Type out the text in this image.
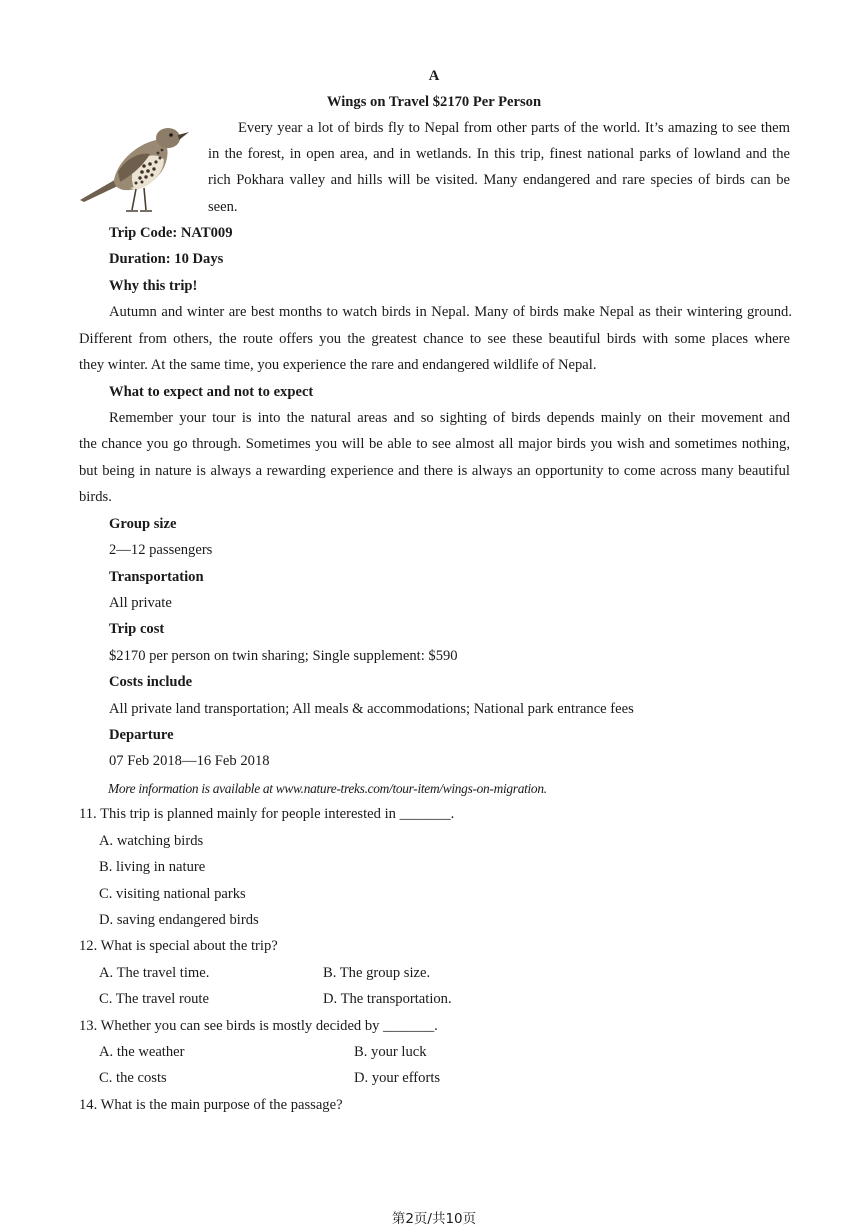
A
Wings on Travel $2170 Per Person
Every year a lot of birds fly to Nepal from other parts of the world. It’s amazing to see them
in the forest, in open area, and in wetlands. In this trip, finest national parks of lowland and the
rich Pokhara valley and hills will be visited. Many endangered and rare species of birds can be
seen.
Trip Code: NAT009
Duration: 10 Days
Why this trip!
Autumn and winter are best months to watch birds in Nepal. Many of birds make Nepal as their wintering ground.
Different from others, the route offers you the greatest chance to see these beautiful birds with some places where
they winter. At the same time, you experience the rare and endangered wildlife of Nepal.
What to expect and not to expect
Remember your tour is into the natural areas and so sighting of birds depends mainly on their movement and
the chance you go through. Sometimes you will be able to see almost all major birds you wish and sometimes nothing,
but being in nature is always a rewarding experience and there is always an opportunity to come across many beautiful
birds.
Group size
2—12 passengers
Transportation
All private
Trip cost
$2170 per person on twin sharing; Single supplement: $590
Costs include
All private land transportation; All meals & accommodations; National park entrance fees
Departure
07 Feb 2018—16 Feb 2018
More information is available at www.nature-treks.com/tour-item/wings-on-migration.
11. This trip is planned mainly for people interested in _______.
A. watching birds
B. living in nature
C. visiting national parks
D. saving endangered birds
12. What is special about the trip?
A. The travel time.	B. The group size.
C. The travel route	D. The transportation.
13. Whether you can see birds is mostly decided by _______.
A. the weather	B. your luck
C. the costs	D. your efforts
14. What is the main purpose of the passage?
第2页/共10页
